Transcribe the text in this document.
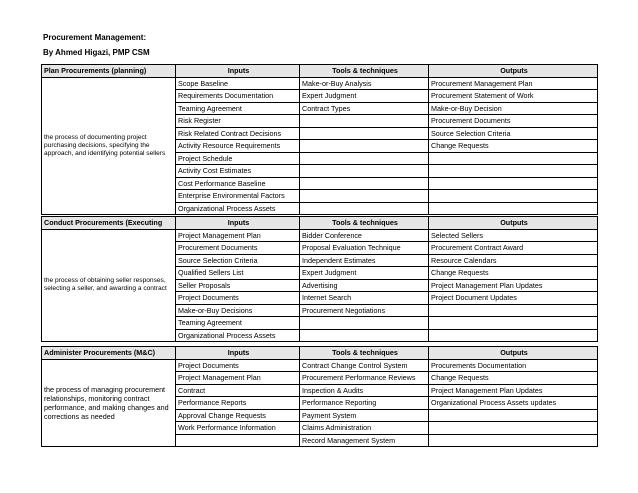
Procurement Management:
By Ahmed Higazi, PMP CSM
Plan Procurements (planning)	Inputs	Tools & techniques	Outputs
the process of documenting project purchasing decisions, specifying the approach, and identifying potential sellers	Scope Baseline	Make-or-Buy Analysis	Procurement Management Plan
	Requirements Documentation	Expert Judgment	Procurement Statement of Work
	Teaming Agreement	Contract Types	Make-or-Buy Decision
	Risk Register		Procurement Documents
	Risk Related Contract Decisions		Source Selection Criteria
	Activity Resource Requirements		Change Requests
	Project Schedule		
	Activity Cost Estimates		
	Cost Performance Baseline		
	Enterprise Environmental Factors		
	Organizational Process Assets		
Conduct Procurements (Executing	Inputs	Tools & techniques	Outputs
the process of obtaining seller responses, selecting a seller, and awarding a contract	Project Management Plan	Bidder Conference	Selected Sellers
	Procurement Documents	Proposal Evaluation Technique	Procurement Contract Award
	Source Selection Criteria	Independent Estimates	Resource Calendars
	Qualified Sellers List	Expert Judgment	Change Requests
	Seller Proposals	Advertising	Project Management Plan Updates
	Project Documents	Internet Search	Project Document Updates
	Make-or-Buy Decisions	Procurement Negotiations	
	Teaming Agreement		
	Organizational Process Assets		
Administer Procurements (M&C)	Inputs	Tools & techniques	Outputs
the process of managing procurement relationships, monitoring contract performance, and making changes and corrections as needed	Project Documents	Contract Change Control System	Procurements Documentation
	Project Management Plan	Procurement Performance Reviews	Change Requests
	Contract	Inspection & Audits	Project Management Plan Updates
	Performance Reports	Performance Reporting	Organizational Process Assets updates
	Approval Change Requests	Payment System	
	Work Performance Information	Claims Administration	
		Record Management System	
